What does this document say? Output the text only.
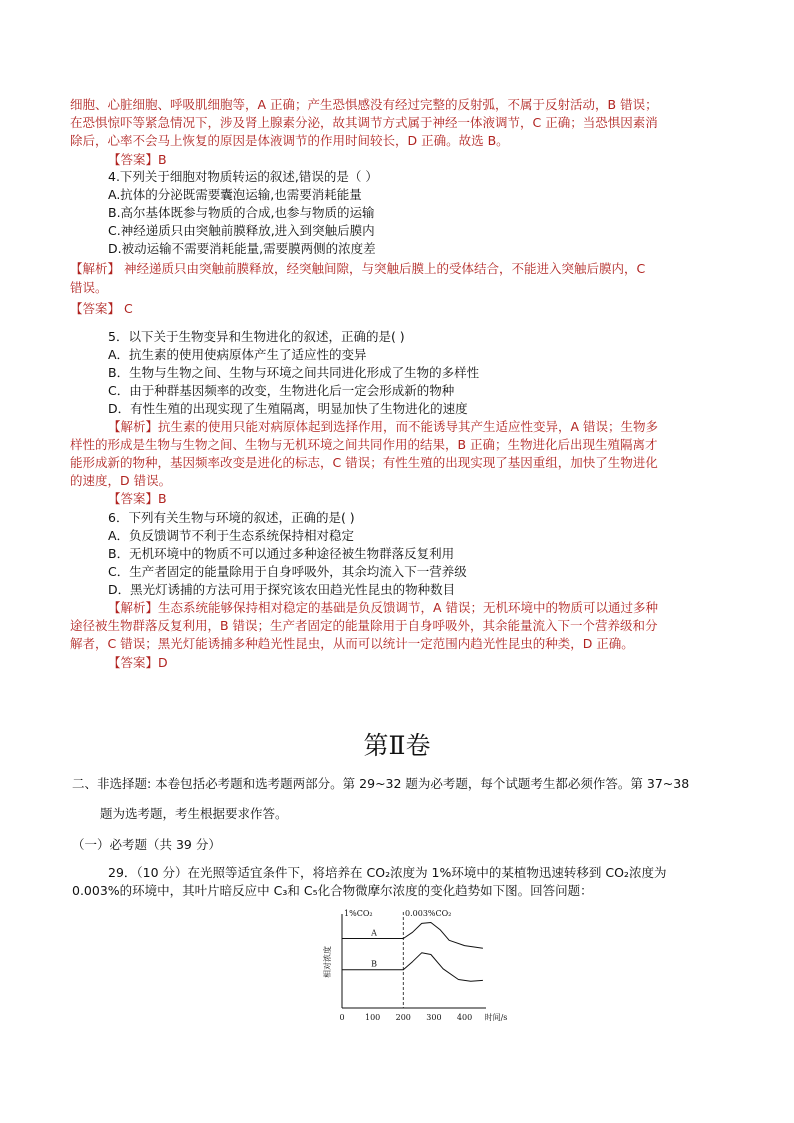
细胞、心脏细胞、呼吸肌细胞等，A 正确；产生恐惧感没有经过完整的反射弧，不属于反射活动，B 错误；
在恐惧惊吓等紧急情况下，涉及肾上腺素分泌，故其调节方式属于神经一体液调节，C 正确；当恐惧因素消
除后，心率不会马上恢复的原因是体液调节的作用时间较长，D 正确。故选 B。
【答案】B
4.下列关于细胞对物质转运的叙述,错误的是（ ）
A.抗体的分泌既需要囊泡运输,也需要消耗能量
B.高尔基体既参与物质的合成,也参与物质的运输
C.神经递质只由突触前膜释放,进入到突触后膜内
D.被动运输不需要消耗能量,需要膜两侧的浓度差
【解析】 神经递质只由突触前膜释放，经突触间隙，与突触后膜上的受体结合，不能进入突触后膜内，C
错误。
【答案】 C
5．以下关于生物变异和生物进化的叙述，正确的是( )
A．抗生素的使用使病原体产生了适应性的变异
B．生物与生物之间、生物与环境之间共同进化形成了生物的多样性
C．由于种群基因频率的改变，生物进化后一定会形成新的物种
D．有性生殖的出现实现了生殖隔离，明显加快了生物进化的速度
【解析】抗生素的使用只能对病原体起到选择作用，而不能诱导其产生适应性变异，A 错误；生物多
样性的形成是生物与生物之间、生物与无机环境之间共同作用的结果，B 正确；生物进化后出现生殖隔离才
能形成新的物种，基因频率改变是进化的标志，C 错误；有性生殖的出现实现了基因重组，加快了生物进化
的速度，D 错误。
【答案】B
6．下列有关生物与环境的叙述，正确的是( )
A．负反馈调节不利于生态系统保持相对稳定
B．无机环境中的物质不可以通过多种途径被生物群落反复利用
C．生产者固定的能量除用于自身呼吸外，其余均流入下一营养级
D．黑光灯诱捕的方法可用于探究该农田趋光性昆虫的物种数目
【解析】生态系统能够保持相对稳定的基础是负反馈调节，A 错误；无机环境中的物质可以通过多种
途径被生物群落反复利用，B 错误；生产者固定的能量除用于自身呼吸外，其余能量流入下一个营养级和分
解者，C 错误；黑光灯能诱捕多种趋光性昆虫，从而可以统计一定范围内趋光性昆虫的种类，D 正确。
【答案】D
第Ⅱ卷
二、非选择题: 本卷包括必考题和选考题两部分。第 29~32 题为必考题，每个试题考生都必须作答。第 37~38
题为选考题，考生根据要求作答。
（一）必考题（共 39 分）
29．（10 分）在光照等适宜条件下，将培养在 CO₂浓度为 1%环境中的某植物迅速转移到 CO₂浓度为
0.003%的环境中，其叶片暗反应中 C₃和 C₅化合物微摩尔浓度的变化趋势如下图。回答问题：
1%CO₂	0.003%CO₂
相对浓度
时间/s
0	100 200 300 400
A
B
